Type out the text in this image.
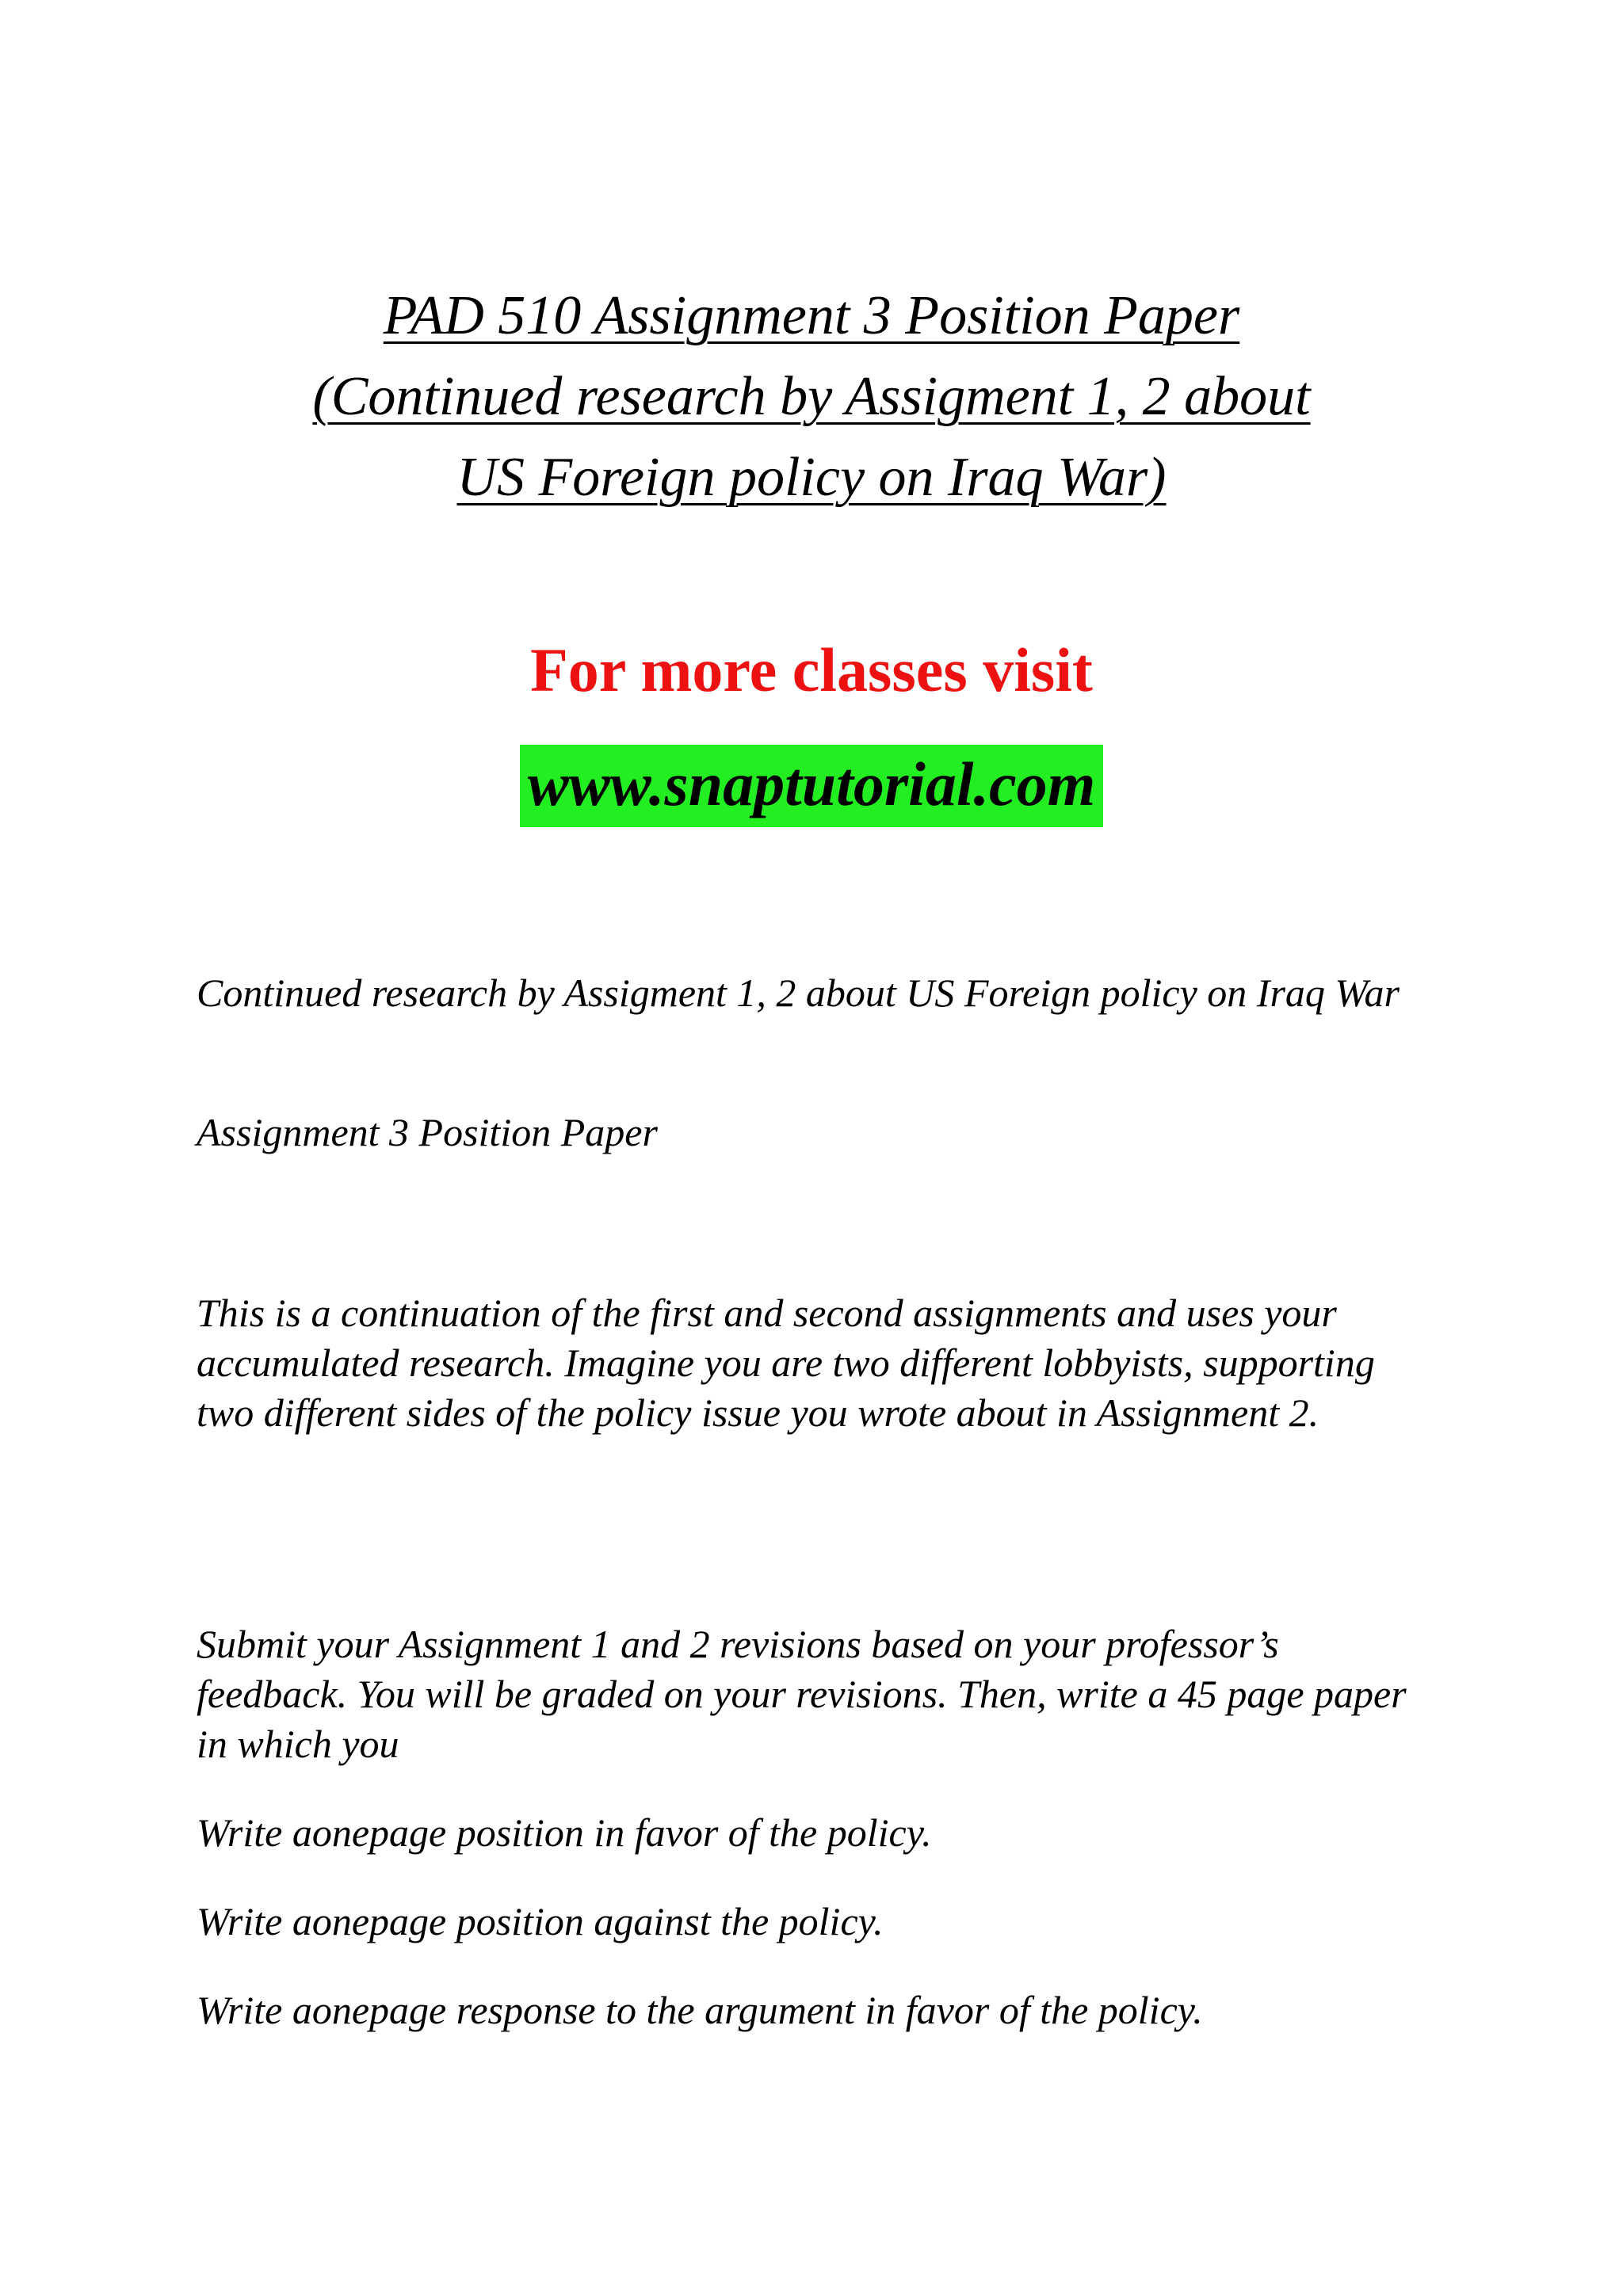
PAD 510 Assignment 3 Position Paper
(Continued research by Assigment 1, 2 about
US Foreign policy on Iraq War)
For more classes visit
www.snaptutorial.com

Continued research by Assigment 1, 2 about US Foreign policy on Iraq War

Assignment 3 Position Paper

This is a continuation of the first and second assignments and uses your accumulated research. Imagine you are two different lobbyists, supporting two different sides of the policy issue you wrote about in Assignment 2.

Submit your Assignment 1 and 2 revisions based on your professor’s feedback. You will be graded on your revisions. Then, write a 45 page paper in which you

Write aonepage position in favor of the policy.

Write aonepage position against the policy.

Write aonepage response to the argument in favor of the policy.
